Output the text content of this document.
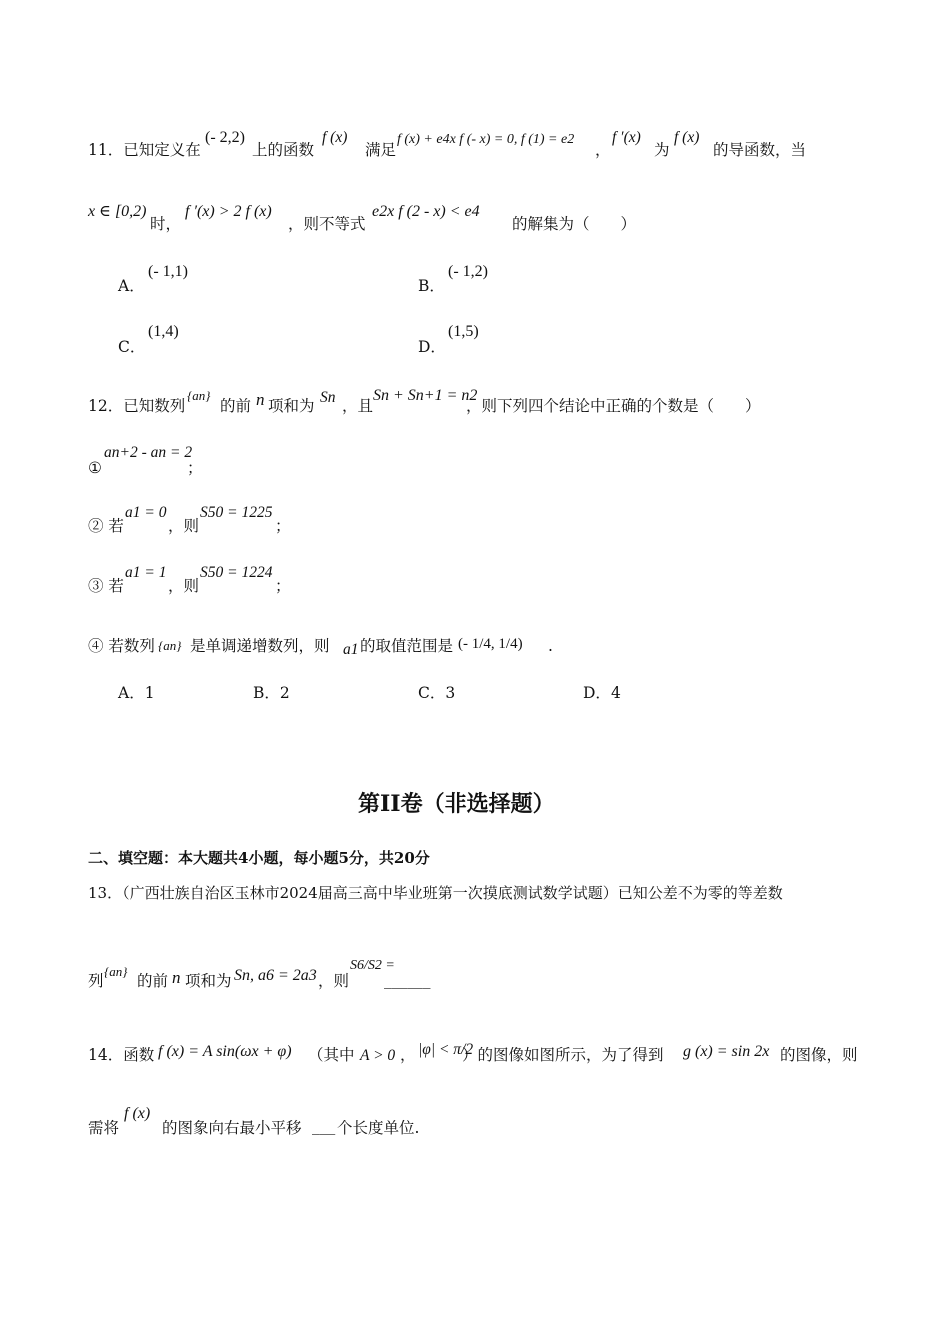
11．已知定义在
(- 2,2)
上的函数
f (x)
满足
f (x) + e4x f (- x) = 0, f (1) = e2
，
f ′(x)
为
f (x)
的导函数，当
x ∈ [0,2)
时，
f ′(x) > 2 f (x)
，则不等式
e2x f (2 - x) < e4
的解集为（　　）
A．
(- 1,1)
B．
(- 1,2)
C．
(1,4)
D．
(1,5)
12．已知数列
{an}
的前 n 项和为 Sn ，且
Sn + Sn+1 = n2
，则下列四个结论中正确的个数是（　　）
①
an+2 - an = 2
；
② 若
a1 = 0
，则
S50 = 1225
；
③ 若
a1 = 1
，则
S50 = 1224
；
④ 若数列 {an} 是单调递增数列，则 a1 的取值范围是 (- 1/4, 1/4) .
A．1	B．2	C．3	D．4
第II卷（非选择题）
二、填空题：本大题共4小题，每小题5分，共20分
13．（广西壮族自治区玉林市2024届高三高中毕业班第一次摸底测试数学试题）已知公差不为零的等差数
列
{an}
的前 n 项和为 Sn, a6 = 2a3 ，则
S6/S2 =
______
14．函数 f (x) = A sin(ωx + φ) （其中 A > 0 ， |φ| < π/2
）的图像如图所示，为了得到 g (x) = sin 2x 的图像，则
需将
f (x)
的图象向右最小平移 ___ 个长度单位.
